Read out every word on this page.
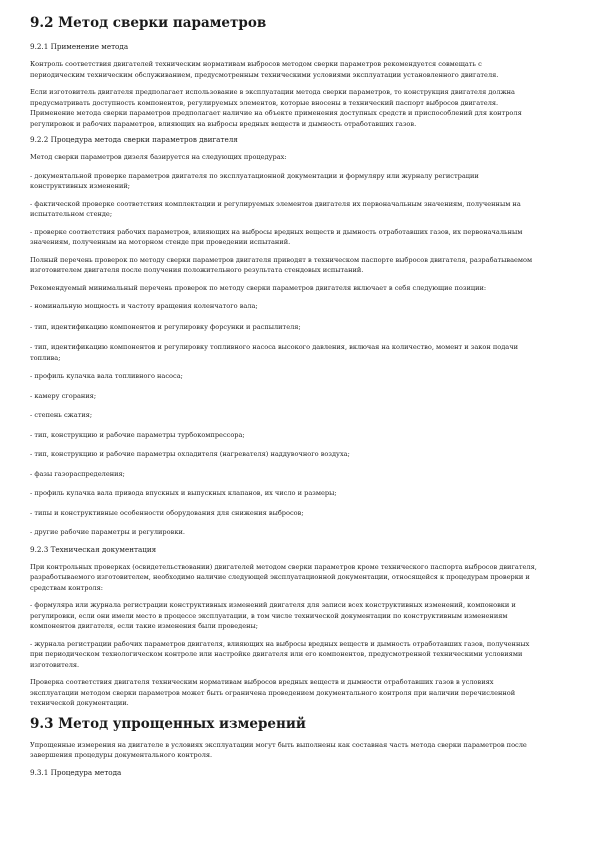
9.2 Метод сверки параметров
9.2.1 Применение метода

Контроль соответствия двигателей техническим нормативам выбросов методом сверки параметров рекомендуется совмещать с периодическим техническим обслуживанием, предусмотренным техническими условиями эксплуатации установленного двигателя.

Если изготовитель двигателя предполагает использование в эксплуатации метода сверки параметров, то конструкция двигателя должна предусматривать доступность компонентов, регулируемых элементов, которые вносены в технический паспорт выбросов двигателя. Применение метода сверки параметров предполагает наличие на объекте применения доступных средств и приспособлений для контроля регулировок и рабочих параметров, влияющих на выбросы вредных веществ и дымность отработавших газов.

9.2.2 Процедура метода сверки параметров двигателя

Метод сверки параметров дизеля базируется на следующих процедурах:

- документальной проверке параметров двигателя по эксплуатационной документации и формуляру или журналу регистрации конструктивных изменений;

- фактической проверке соответствия комплектации и регулируемых элементов двигателя их первоначальным значениям, полученным на испытательном стенде;

- проверке соответствия рабочих параметров, влияющих на выбросы вредных веществ и дымность отработавших газов, их первоначальным значениям, полученным на моторном стенде при проведении испытаний.

Полный перечень проверок по методу сверки параметров двигателя приводят в техническом паспорте выбросов двигателя, разрабатываемом изготовителем двигателя после получения положительного результата стендовых испытаний.

Рекомендуемый минимальный перечень проверок по методу сверки параметров двигателя включает в себя следующие позиции:

- номинальную мощность и частоту вращения коленчатого вала;

- тип, идентификацию компонентов и регулировку форсунки и распылителя;

- тип, идентификацию компонентов и регулировку топливного насоса высокого давления, включая на количество, момент и закон подачи топлива;

- профиль кулачка вала топливного насоса;

- камеру сгорания;

- степень сжатия;

- тип, конструкцию и рабочие параметры турбокомпрессора;

- тип, конструкцию и рабочие параметры охладителя (нагревателя) наддувочного воздуха;

- фазы газораспределения;

- профиль кулачка вала привода впускных и выпускных клапанов, их число и размеры;

- типы и конструктивные особенности оборудования для снижения выбросов;

- другие рабочие параметры и регулировки.

9.2.3 Техническая документация

При контрольных проверках (освидетельствовании) двигателей методом сверки параметров кроме технического паспорта выбросов двигателя, разработываемого изготовителем, необходимо наличие следующей эксплуатационной документации, относящейся к процедурам проверки и средствам контроля:

- формуляра или журнала регистрации конструктивных изменений двигателя для записи всех конструктивных изменений, компоновки и регулировки, если они имели место в процессе эксплуатации, в том числе технической документации по конструктивным изменениям компонентов двигателя, если такие изменения были проведены;

- журнала регистрации рабочих параметров двигателя, влияющих на выбросы вредных веществ и дымность отработавших газов, полученных при периодическом технологическом контроле или настройке двигателя или его компонентов, предусмотренной техническими условиями изготовителя.

Проверка соответствия двигателя техническим нормативам выбросов вредных веществ и дымности отработавших газов в условиях эксплуатации методом сверки параметров может быть ограничена проведением документального контроля при наличии перечисленной технической документации.

9.3 Метод упрощенных измерений

Упрощенные измерения на двигателе в условиях эксплуатации могут быть выполнены как составная часть метода сверки параметров после завершения процедуры документального контроля.

9.3.1 Процедура метода
